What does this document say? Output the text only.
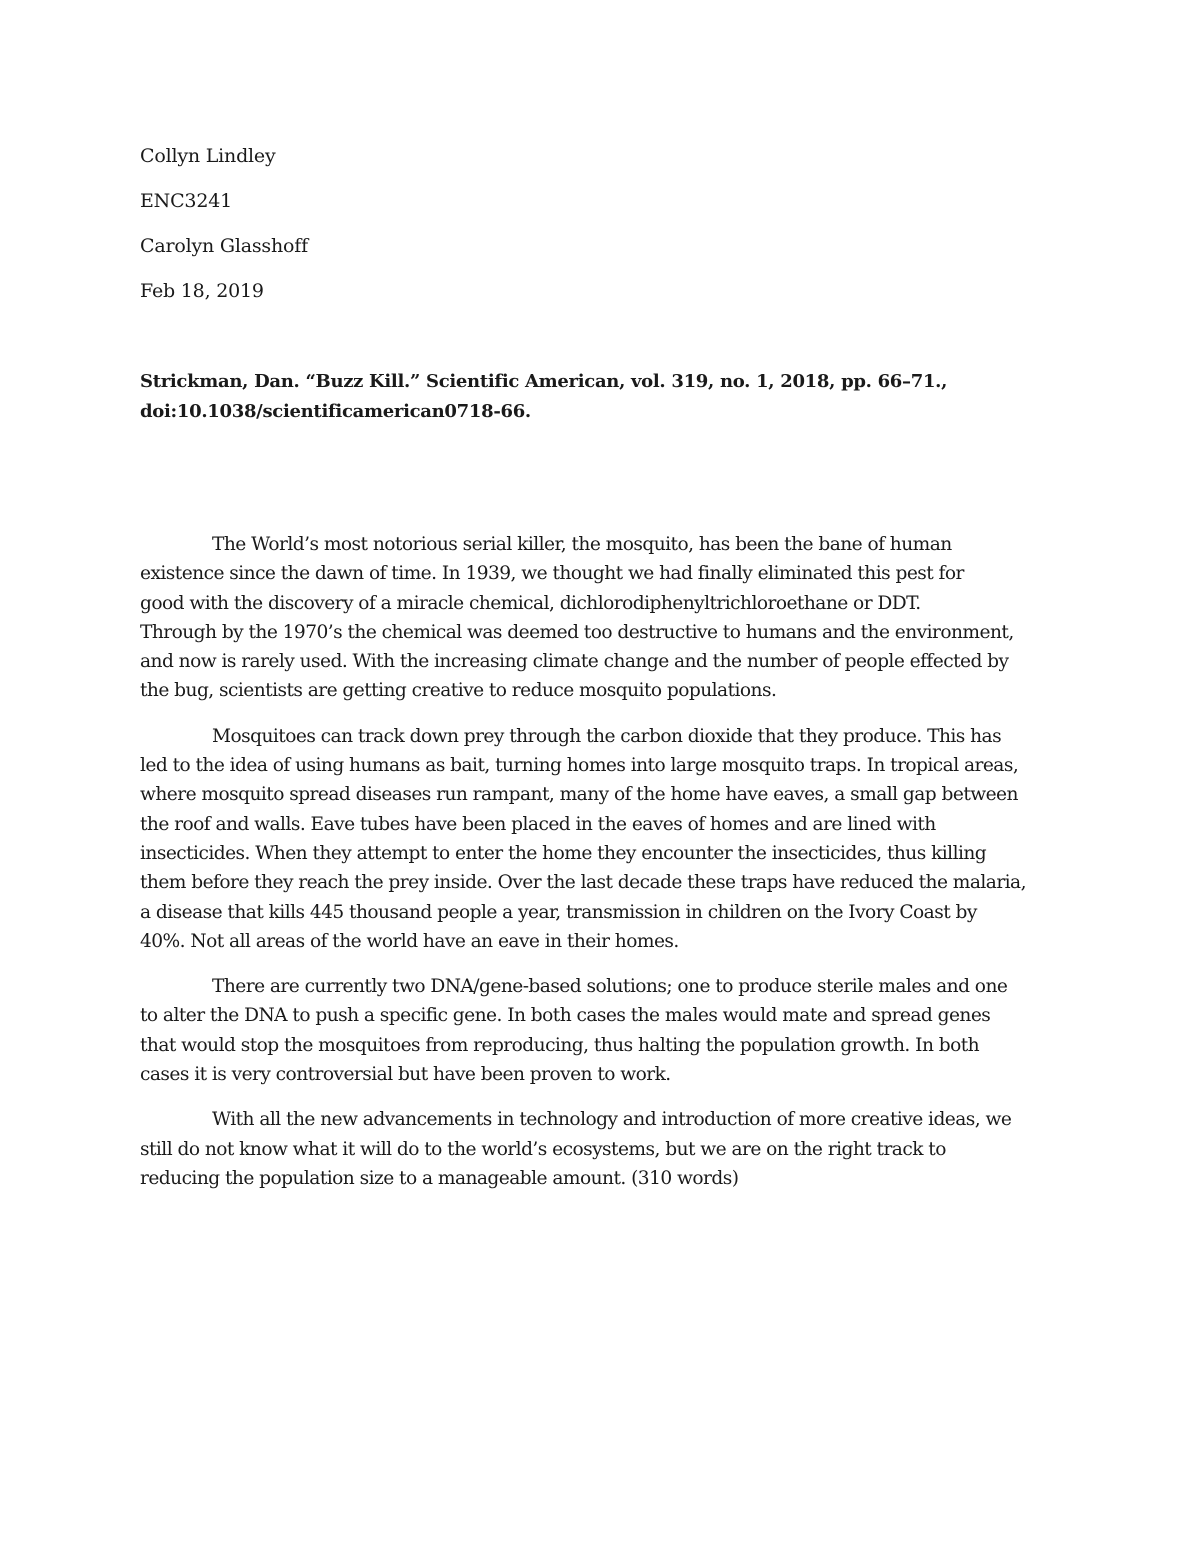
Collyn Lindley
ENC3241
Carolyn Glasshoff
Feb 18, 2019
Strickman, Dan. “Buzz Kill.” Scientific American, vol. 319, no. 1, 2018, pp. 66–71.,
doi:10.1038/scientificamerican0718-66.

The World’s most notorious serial killer, the mosquito, has been the bane of human
existence since the dawn of time. In 1939, we thought we had finally eliminated this pest for
good with the discovery of a miracle chemical, dichlorodiphenyltrichloroethane or DDT.
Through by the 1970’s the chemical was deemed too destructive to humans and the environment,
and now is rarely used. With the increasing climate change and the number of people effected by
the bug, scientists are getting creative to reduce mosquito populations.

Mosquitoes can track down prey through the carbon dioxide that they produce. This has
led to the idea of using humans as bait, turning homes into large mosquito traps. In tropical areas,
where mosquito spread diseases run rampant, many of the home have eaves, a small gap between
the roof and walls. Eave tubes have been placed in the eaves of homes and are lined with
insecticides. When they attempt to enter the home they encounter the insecticides, thus killing
them before they reach the prey inside. Over the last decade these traps have reduced the malaria,
a disease that kills 445 thousand people a year, transmission in children on the Ivory Coast by
40%. Not all areas of the world have an eave in their homes.

There are currently two DNA/gene-based solutions; one to produce sterile males and one
to alter the DNA to push a specific gene. In both cases the males would mate and spread genes
that would stop the mosquitoes from reproducing, thus halting the population growth. In both
cases it is very controversial but have been proven to work.

With all the new advancements in technology and introduction of more creative ideas, we
still do not know what it will do to the world’s ecosystems, but we are on the right track to
reducing the population size to a manageable amount. (310 words)
